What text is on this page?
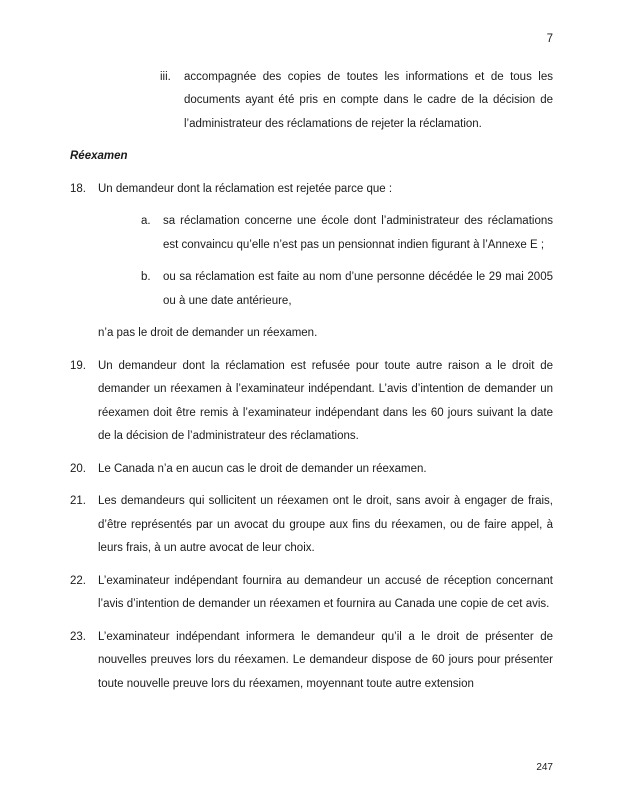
7
iii.	accompagnée des copies de toutes les informations et de tous les documents ayant été pris en compte dans le cadre de la décision de l’administrateur des réclamations de rejeter la réclamation.
Réexamen
18.	Un demandeur dont la réclamation est rejetée parce que :
a.	sa réclamation concerne une école dont l’administrateur des réclamations est convaincu qu’elle n’est pas un pensionnat indien figurant à l’Annexe E ;
b.	ou sa réclamation est faite au nom d’une personne décédée le 29 mai 2005 ou à une date antérieure,
n’a pas le droit de demander un réexamen.
19.	Un demandeur dont la réclamation est refusée pour toute autre raison a le droit de demander un réexamen à l’examinateur indépendant. L’avis d’intention de demander un réexamen doit être remis à l’examinateur indépendant dans les 60 jours suivant la date de la décision de l’administrateur des réclamations.
20.	Le Canada n’a en aucun cas le droit de demander un réexamen.
21.	Les demandeurs qui sollicitent un réexamen ont le droit, sans avoir à engager de frais, d’être représentés par un avocat du groupe aux fins du réexamen, ou de faire appel, à leurs frais, à un autre avocat de leur choix.
22.	L’examinateur indépendant fournira au demandeur un accusé de réception concernant l’avis d’intention de demander un réexamen et fournira au Canada une copie de cet avis.
23.	L’examinateur indépendant informera le demandeur qu’il a le droit de présenter de nouvelles preuves lors du réexamen. Le demandeur dispose de 60 jours pour présenter toute nouvelle preuve lors du réexamen, moyennant toute autre extension
247
